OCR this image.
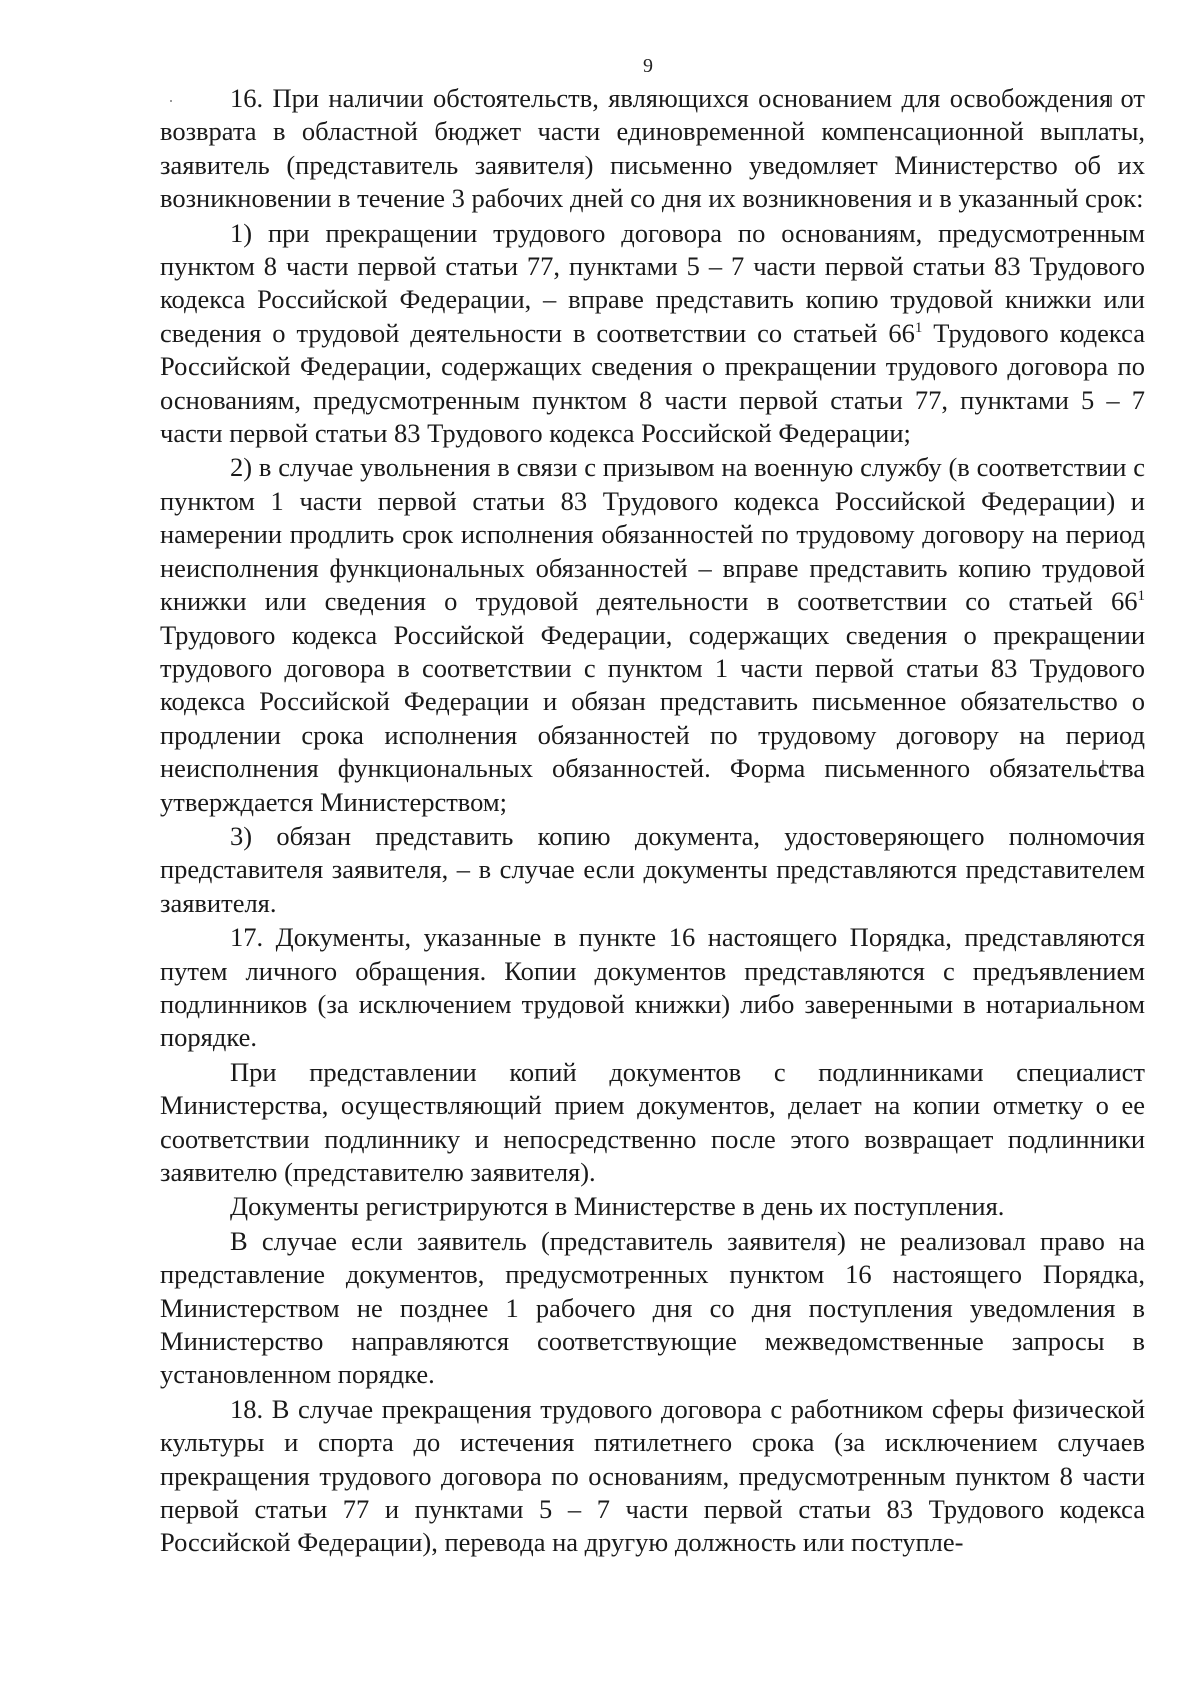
9

16. При наличии обстоятельств, являющихся основанием для освобождения от возврата в областной бюджет части единовременной компенсационной выплаты, заявитель (представитель заявителя) письменно уведомляет Министерство об их возникновении в течение 3 рабочих дней со дня их возникновения и в указанный срок:

1) при прекращении трудового договора по основаниям, предусмотренным пунктом 8 части первой статьи 77, пунктами 5 – 7 части первой статьи 83 Трудового кодекса Российской Федерации, – вправе представить копию трудовой книжки или сведения о трудовой деятельности в соответствии со статьей $66^1$ Трудового кодекса Российской Федерации, содержащих сведения о прекращении трудового договора по основаниям, предусмотренным пунктом 8 части первой статьи 77, пунктами 5 – 7 части первой статьи 83 Трудового кодекса Российской Федерации;

2) в случае увольнения в связи с призывом на военную службу (в соответствии с пунктом 1 части первой статьи 83 Трудового кодекса Российской Федерации) и намерении продлить срок исполнения обязанностей по трудовому договору на период неисполнения функциональных обязанностей – вправе представить копию трудовой книжки или сведения о трудовой деятельности в соответствии со статьей $66^1$ Трудового кодекса Российской Федерации, содержащих сведения о прекращении трудового договора в соответствии с пунктом 1 части первой статьи 83 Трудового кодекса Российской Федерации и обязан представить письменное обязательство о продлении срока исполнения обязанностей по трудовому договору на период неисполнения функциональных обязанностей. Форма письменного обязательства утверждается Министерством;

3) обязан представить копию документа, удостоверяющего полномочия представителя заявителя, – в случае если документы представляются представителем заявителя.

17. Документы, указанные в пункте 16 настоящего Порядка, представляются путем личного обращения. Копии документов представляются с предъявлением подлинников (за исключением трудовой книжки) либо заверенными в нотариальном порядке.

При представлении копий документов с подлинниками специалист Министерства, осуществляющий прием документов, делает на копии отметку о ее соответствии подлиннику и непосредственно после этого возвращает подлинники заявителю (представителю заявителя).

Документы регистрируются в Министерстве в день их поступления.

В случае если заявитель (представитель заявителя) не реализовал право на представление документов, предусмотренных пунктом 16 настоящего Порядка, Министерством не позднее 1 рабочего дня со дня поступления уведомления в Министерство направляются соответствующие межведомственные запросы в установленном порядке.

18. В случае прекращения трудового договора с работником сферы физической культуры и спорта до истечения пятилетнего срока (за исключением случаев прекращения трудового договора по основаниям, предусмотренным пунктом 8 части первой статьи 77 и пунктами 5 – 7 части первой статьи 83 Трудового кодекса Российской Федерации), перевода на другую должность или поступле-
